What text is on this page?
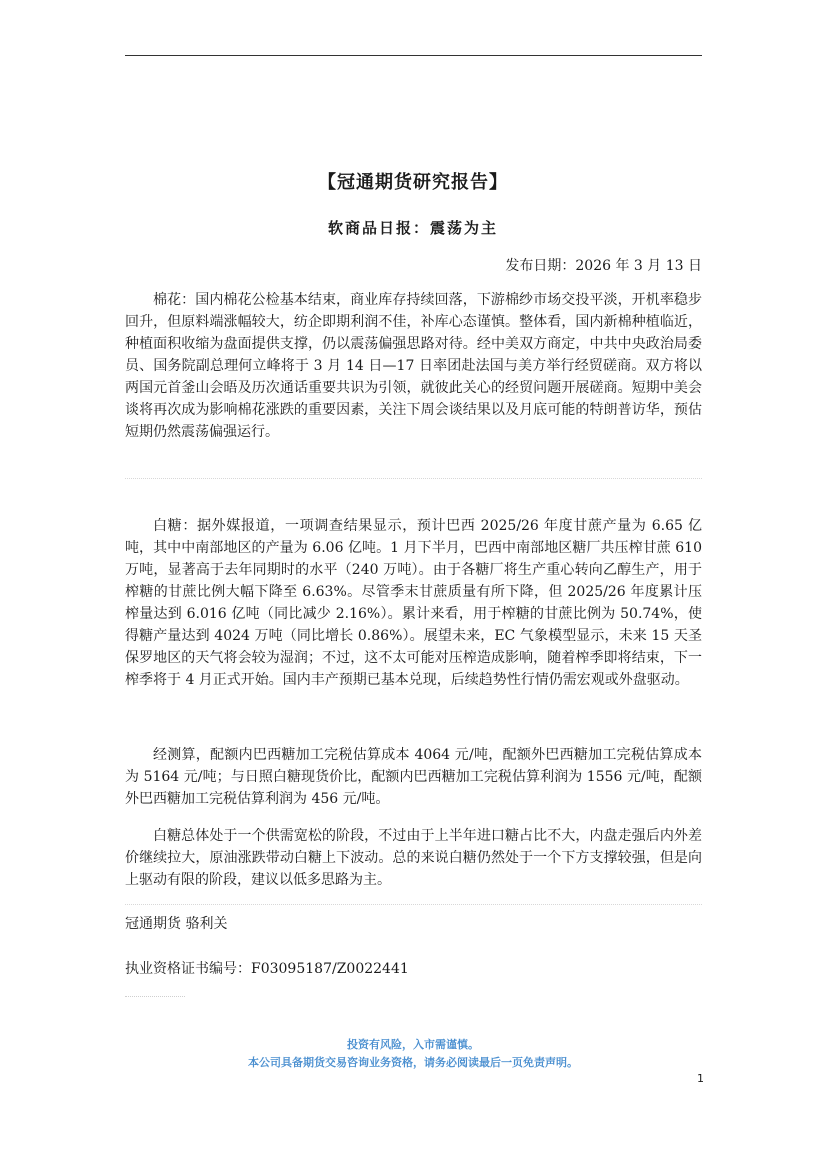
【冠通期货研究报告】
软商品日报：震荡为主
发布日期：2026 年 3 月 13 日

棉花：国内棉花公检基本结束，商业库存持续回落，下游棉纱市场交投平淡，开机率稳步回升，但原料端涨幅较大，纺企即期利润不佳，补库心态谨慎。整体看，国内新棉种植临近，种植面积收缩为盘面提供支撑，仍以震荡偏强思路对待。经中美双方商定，中共中央政治局委员、国务院副总理何立峰将于 3 月 14 日—17 日率团赴法国与美方举行经贸磋商。双方将以两国元首釜山会晤及历次通话重要共识为引领，就彼此关心的经贸问题开展磋商。短期中美会谈将再次成为影响棉花涨跌的重要因素，关注下周会谈结果以及月底可能的特朗普访华，预估短期仍然震荡偏强运行。

白糖：据外媒报道，一项调查结果显示，预计巴西 2025/26 年度甘蔗产量为 6.65 亿吨，其中中南部地区的产量为 6.06 亿吨。1 月下半月，巴西中南部地区糖厂共压榨甘蔗 610 万吨，显著高于去年同期时的水平（240 万吨）。由于各糖厂将生产重心转向乙醇生产，用于榨糖的甘蔗比例大幅下降至 6.63%。尽管季末甘蔗质量有所下降，但 2025/26 年度累计压榨量达到 6.016 亿吨（同比减少 2.16%）。累计来看，用于榨糖的甘蔗比例为 50.74%，使得糖产量达到 4024 万吨（同比增长 0.86%）。展望未来，EC 气象模型显示，未来 15 天圣保罗地区的天气将会较为湿润；不过，这不太可能对压榨造成影响，随着榨季即将结束，下一榨季将于 4 月正式开始。国内丰产预期已基本兑现，后续趋势性行情仍需宏观或外盘驱动。

经测算，配额内巴西糖加工完税估算成本 4064 元/吨，配额外巴西糖加工完税估算成本为 5164 元/吨；与日照白糖现货价比，配额内巴西糖加工完税估算利润为 1556 元/吨，配额外巴西糖加工完税估算利润为 456 元/吨。

白糖总体处于一个供需宽松的阶段，不过由于上半年进口糖占比不大，内盘走强后内外差价继续拉大，原油涨跌带动白糖上下波动。总的来说白糖仍然处于一个下方支撑较强，但是向上驱动有限的阶段，建议以低多思路为主。

冠通期货 骆利关
执业资格证书编号：F03095187/Z0022441
投资有风险，入市需谨慎。
本公司具备期货交易咨询业务资格，请务必阅读最后一页免责声明。
1
